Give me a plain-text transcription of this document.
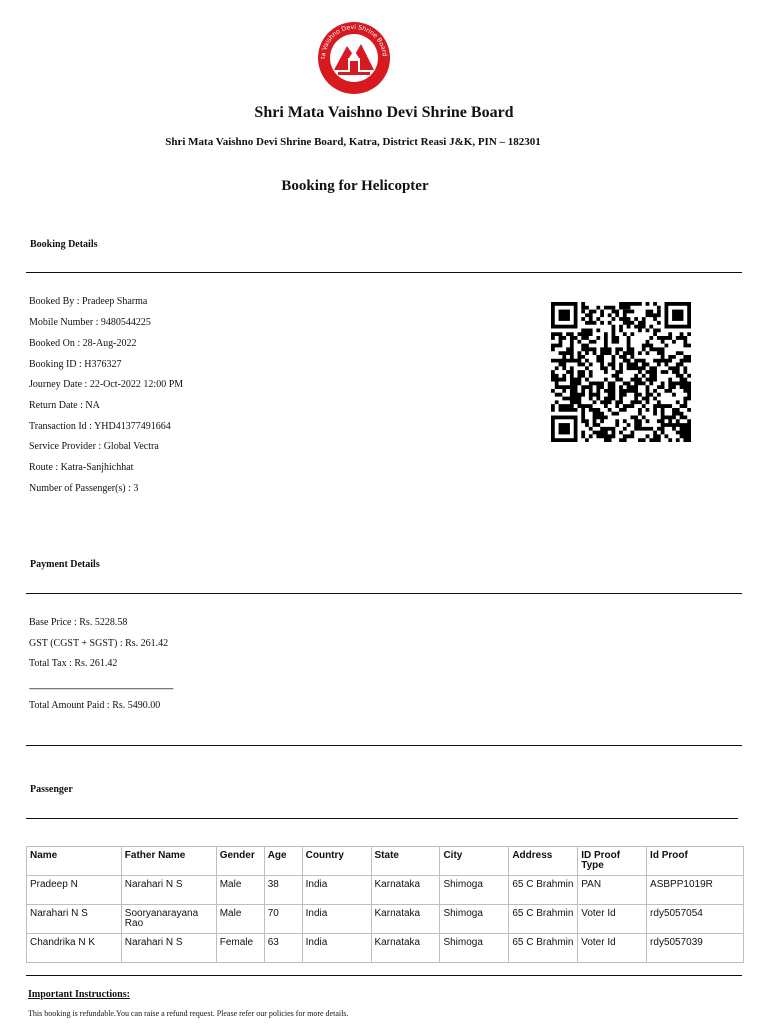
ta Vaishno Devi Shrine Board
Shri Mata Vaishno Devi Shrine Board
Shri Mata Vaishno Devi Shrine Board, Katra, District Reasi J&K, PIN – 182301
Booking for Helicopter
Booking Details
Booked By : Pradeep Sharma
Mobile Number : 9480544225
Booked On : 28-Aug-2022
Booking ID : H376327
Journey Date : 22-Oct-2022 12:00 PM
Return Date : NA
Transaction Id : YHD41377491664
Service Provider : Global Vectra
Route : Katra-Sanjhichhat
Number of Passenger(s) : 3
Payment Details
Base Price : Rs. 5228.58
GST (CGST + SGST) : Rs. 261.42
Total Tax : Rs. 261.42
------------------------------------------------------------------------
Total Amount Paid : Rs. 5490.00
Passenger
Name	Father Name	Gender	Age	Country	State	City	Address	ID Proof Type	Id Proof
Pradeep N	Narahari N S	Male	38	India	Karnataka	Shimoga	65 C Brahmin	PAN	ASBPP1019R
Narahari N S	Sooryanarayana Rao	Male	70	India	Karnataka	Shimoga	65 C Brahmin	Voter Id	rdy5057054
Chandrika N K	Narahari N S	Female	63	India	Karnataka	Shimoga	65 C Brahmin	Voter Id	rdy5057039
Important Instructions:
This booking is refundable.You can raise a refund request. Please refer our policies for more details.
